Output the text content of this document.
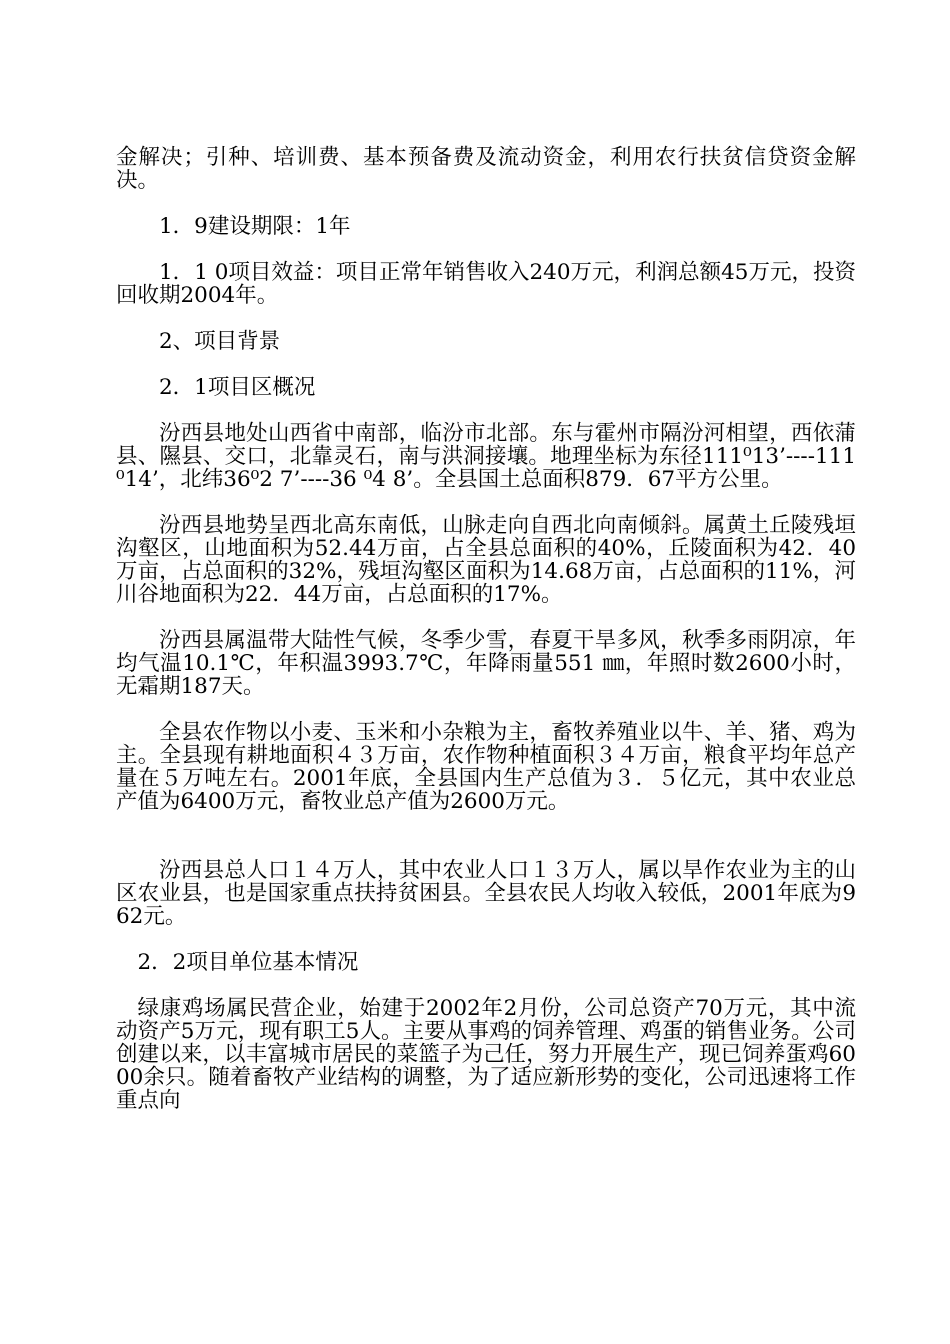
金解决；引种、培训费、基本预备费及流动资金，利用农行扶贫信贷资金解决。

1．9建设期限：1年

1．1 0项目效益：项目正常年销售收入240万元，利润总额45万元，投资回收期2004年。

2、项目背景

2．1项目区概况

汾西县地处山西省中南部，临汾市北部。东与霍州市隔汾河相望，西依蒲县、隰县、交口，北靠灵石，南与洪洞接壤。地理坐标为东径111⁰13’----111 ⁰14’，北纬36⁰2 7’----36 ⁰4 8’。全县国土总面积879．67平方公里。

汾西县地势呈西北高东南低，山脉走向自西北向南倾斜。属黄土丘陵残垣沟壑区，山地面积为52.44万亩，占全县总面积的40%，丘陵面积为42．40万亩，占总面积的32%，残垣沟壑区面积为14.68万亩，占总面积的11%，河川谷地面积为22．44万亩，占总面积的17%。

汾西县属温带大陆性气候，冬季少雪，春夏干旱多风，秋季多雨阴凉，年均气温10.1℃，年积温3993.7℃，年降雨量551 ㎜，年照时数2600小时，无霜期187天。

全县农作物以小麦、玉米和小杂粮为主，畜牧养殖业以牛、羊、猪、鸡为主。全县现有耕地面积４３万亩，农作物种植面积３４万亩，粮食平均年总产量在５万吨左右。2001年底，全县国内生产总值为３．５亿元，其中农业总产值为6400万元，畜牧业总产值为2600万元。

汾西县总人口１４万人，其中农业人口１３万人，属以旱作农业为主的山区农业县，也是国家重点扶持贫困县。全县农民人均收入较低，2001年底为962元。

2．2项目单位基本情况

绿康鸡场属民营企业，始建于2002年2月份，公司总资产70万元，其中流动资产5万元，现有职工5人。主要从事鸡的饲养管理、鸡蛋的销售业务。公司创建以来，以丰富城市居民的菜篮子为己任，努力开展生产，现已饲养蛋鸡6000余只。随着畜牧产业结构的调整，为了适应新形势的变化，公司迅速将工作重点向
